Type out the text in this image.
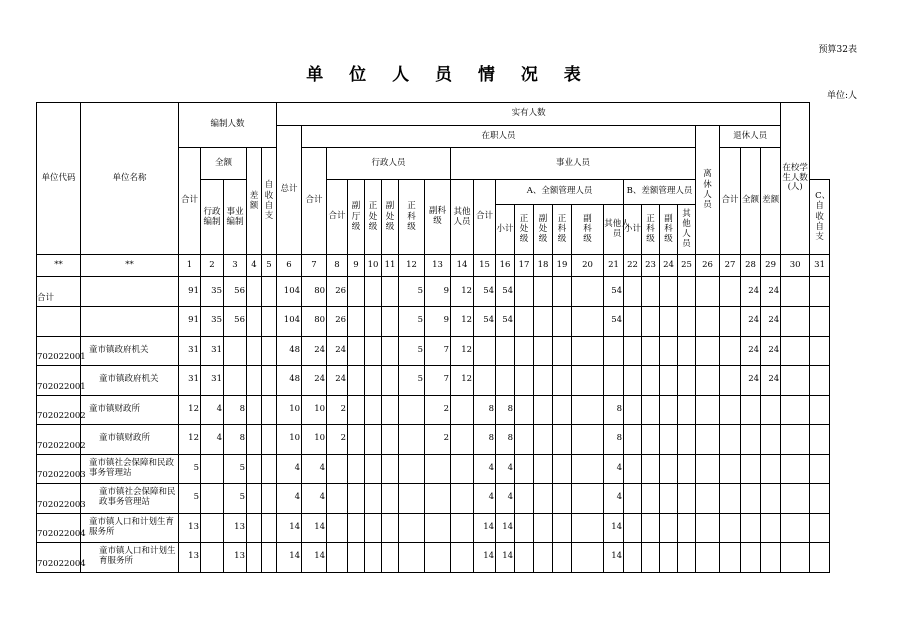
预算32表
单 位 人 员 情 况 表
单位:人
单位代码	单位名称	编制人数					实有人数																								在校学生人数(人)	
							总计	在职人员																			离休人员	退休人员				
		合计	全额		差额	自收自支		合计	行政人员						事业人员													合计	全额	差额		
			行政编制	事业编制					合计	副厅级	正处级	副处级	正科级	副科级	其他人员	合计	A、全额管理人员						B、差额管理人员									C、自收自支
																	小计	正处级	副处级	正科级	副科级	其他人员	小计	正科级	副科级	其他人员						
**	**	1	2	3	4	5	6	7	8	9	10	11	12	13	14	15	16	17	18	19	20	21	22	23	24	25	26	27	28	29	30	31
合计		91	35	56			104	80	26				5	9	12	54	54					54							24	24		
		91	35	56			104	80	26				5	9	12	54	54					54							24	24		
702022001	童市镇政府机关	31	31				48	24	24				5	7	12														24	24		
702022001	童市镇政府机关	31	31				48	24	24				5	7	12														24	24		
702022002	童市镇财政所	12	4	8			10	10	2					2		8	8					8										
702022002	童市镇财政所	12	4	8			10	10	2					2		8	8					8										
702022003	童市镇社会保障和民政事务管理站	5		5			4	4								4	4					4										
702022003	童市镇社会保障和民政事务管理站	5		5			4	4								4	4					4										
702022004	童市镇人口和计划生育服务所	13		13			14	14								14	14					14										
702022004	童市镇人口和计划生育服务所	13		13			14	14								14	14					14										
